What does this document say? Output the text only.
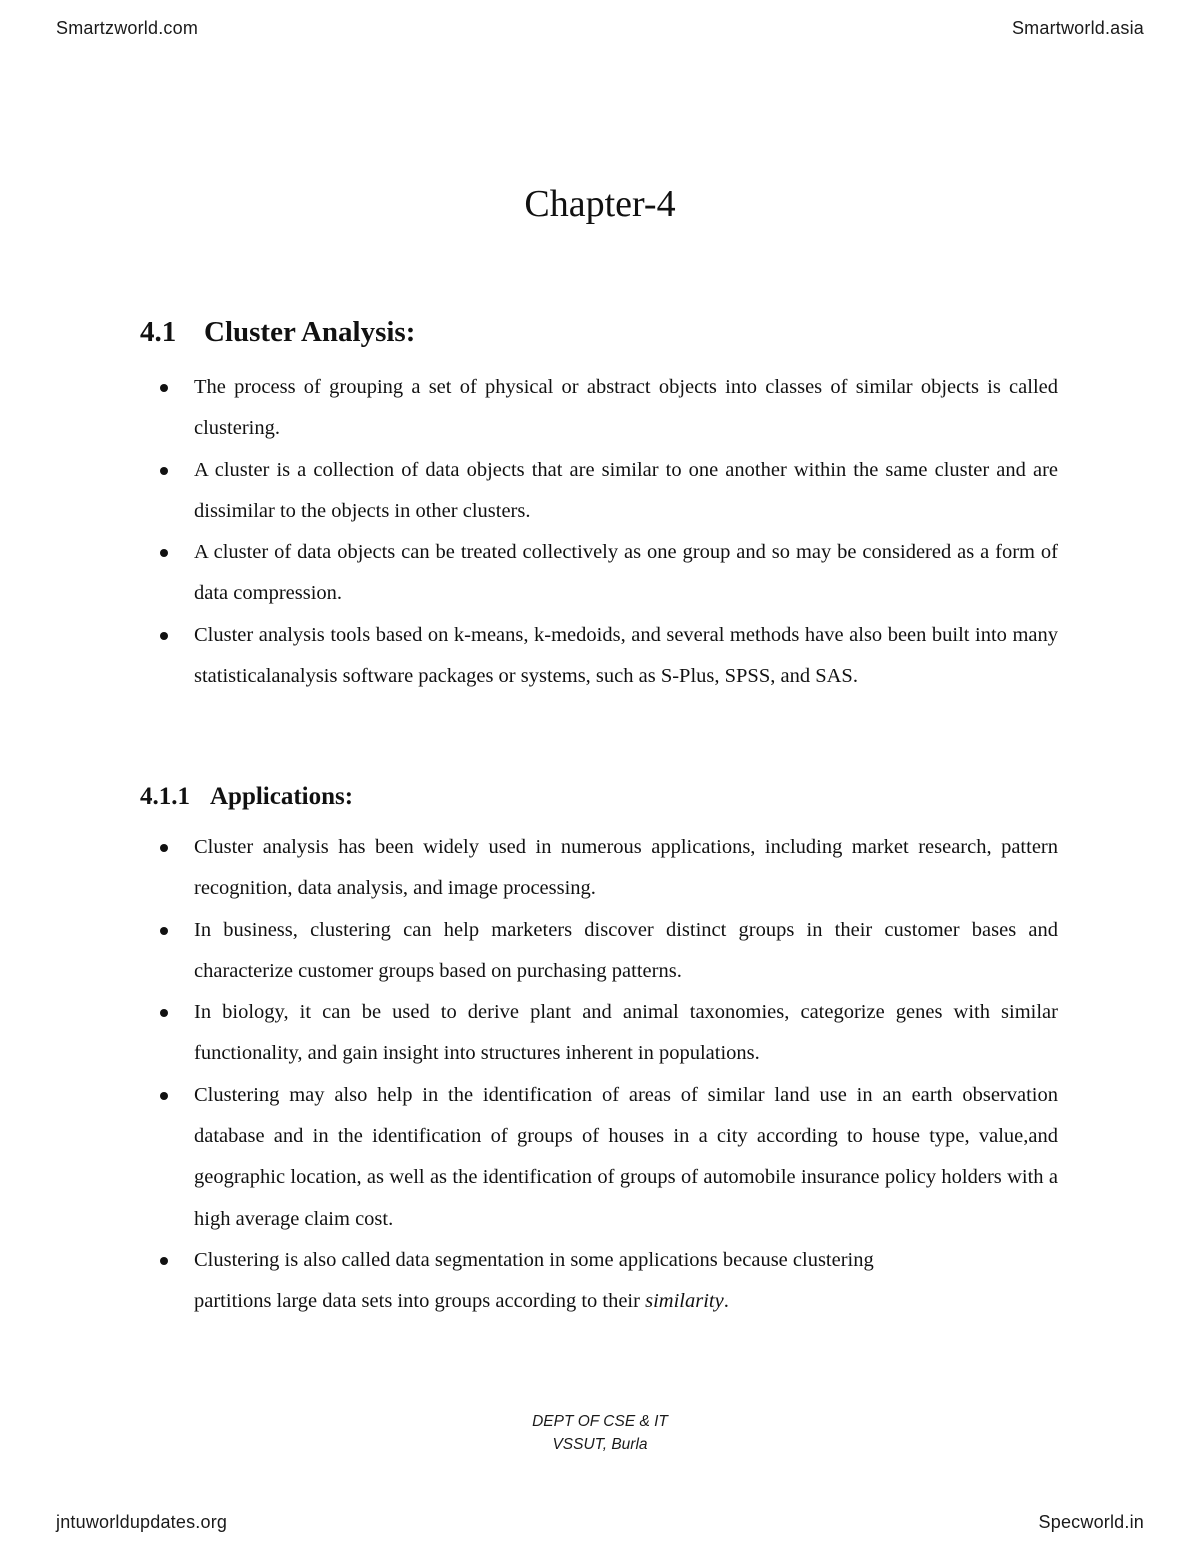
Smartzworld.com	Smartworld.asia
Chapter-4
4.1 Cluster Analysis:
The process of grouping a set of physical or abstract objects into classes of similar objects is called clustering.
A cluster is a collection of data objects that are similar to one another within the same cluster and are dissimilar to the objects in other clusters.
A cluster of data objects can be treated collectively as one group and so may be considered as a form of data compression.
Cluster analysis tools based on k-means, k-medoids, and several methods have also been built into many statisticalanalysis software packages or systems, such as S-Plus, SPSS, and SAS.
4.1.1 Applications:
Cluster analysis has been widely used in numerous applications, including market research, pattern recognition, data analysis, and image processing.
In business, clustering can help marketers discover distinct groups in their customer bases and characterize customer groups based on purchasing patterns.
In biology, it can be used to derive plant and animal taxonomies, categorize genes with similar functionality, and gain insight into structures inherent in populations.
Clustering may also help in the identification of areas of similar land use in an earth observation database and in the identification of groups of houses in a city according to house type, value,and geographic location, as well as the identification of groups of automobile insurance policy holders with a high average claim cost.
Clustering is also called data segmentation in some applications because clustering
partitions large data sets into groups according to their similarity.
DEPT OF CSE & IT
VSSUT, Burla
jntuworldupdates.org	Specworld.in
